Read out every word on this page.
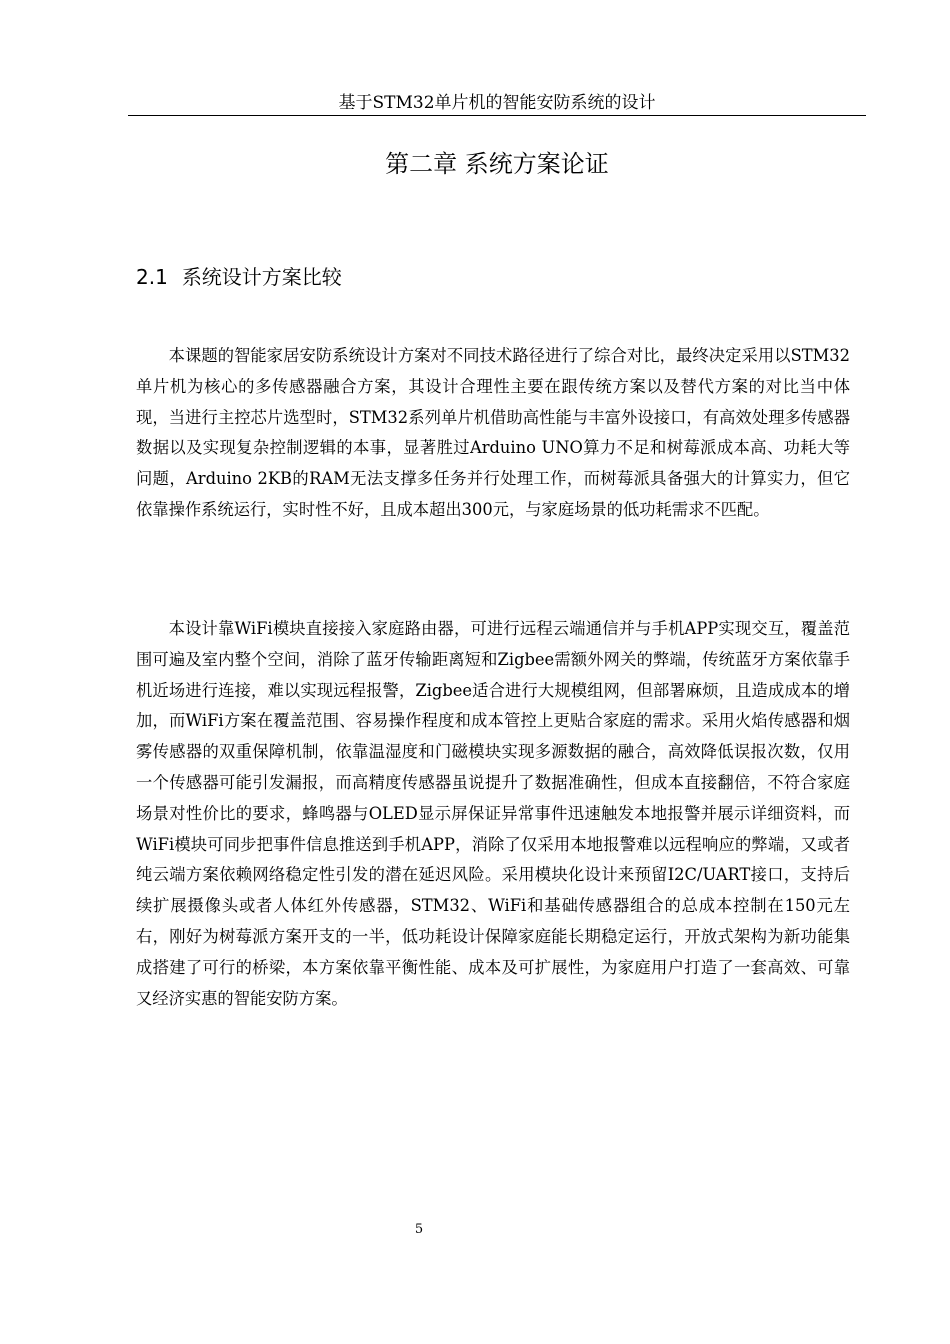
基于STM32单片机的智能安防系统的设计
第二章 系统方案论证
2.1 系统设计方案比较

本课题的智能家居安防系统设计方案对不同技术路径进行了综合对比，最终决定采用以STM32单片机为核心的多传感器融合方案，其设计合理性主要在跟传统方案以及替代方案的对比当中体现，当进行主控芯片选型时，STM32系列单片机借助高性能与丰富外设接口，有高效处理多传感器数据以及实现复杂控制逻辑的本事，显著胜过Arduino UNO算力不足和树莓派成本高、功耗大等问题，Arduino 2KB的RAM无法支撑多任务并行处理工作，而树莓派具备强大的计算实力，但它依靠操作系统运行，实时性不好，且成本超出300元，与家庭场景的低功耗需求不匹配。

本设计靠WiFi模块直接接入家庭路由器，可进行远程云端通信并与手机APP实现交互，覆盖范围可遍及室内整个空间，消除了蓝牙传输距离短和Zigbee需额外网关的弊端，传统蓝牙方案依靠手机近场进行连接，难以实现远程报警，Zigbee适合进行大规模组网，但部署麻烦，且造成成本的增加，而WiFi方案在覆盖范围、容易操作程度和成本管控上更贴合家庭的需求。采用火焰传感器和烟雾传感器的双重保障机制，依靠温湿度和门磁模块实现多源数据的融合，高效降低误报次数，仅用一个传感器可能引发漏报，而高精度传感器虽说提升了数据准确性，但成本直接翻倍，不符合家庭场景对性价比的要求，蜂鸣器与OLED显示屏保证异常事件迅速触发本地报警并展示详细资料，而WiFi模块可同步把事件信息推送到手机APP，消除了仅采用本地报警难以远程响应的弊端，又或者纯云端方案依赖网络稳定性引发的潜在延迟风险。采用模块化设计来预留I2C/UART接口，支持后续扩展摄像头或者人体红外传感器，STM32、WiFi和基础传感器组合的总成本控制在150元左右，刚好为树莓派方案开支的一半，低功耗设计保障家庭能长期稳定运行，开放式架构为新功能集成搭建了可行的桥梁，本方案依靠平衡性能、成本及可扩展性，为家庭用户打造了一套高效、可靠又经济实惠的智能安防方案。

5
